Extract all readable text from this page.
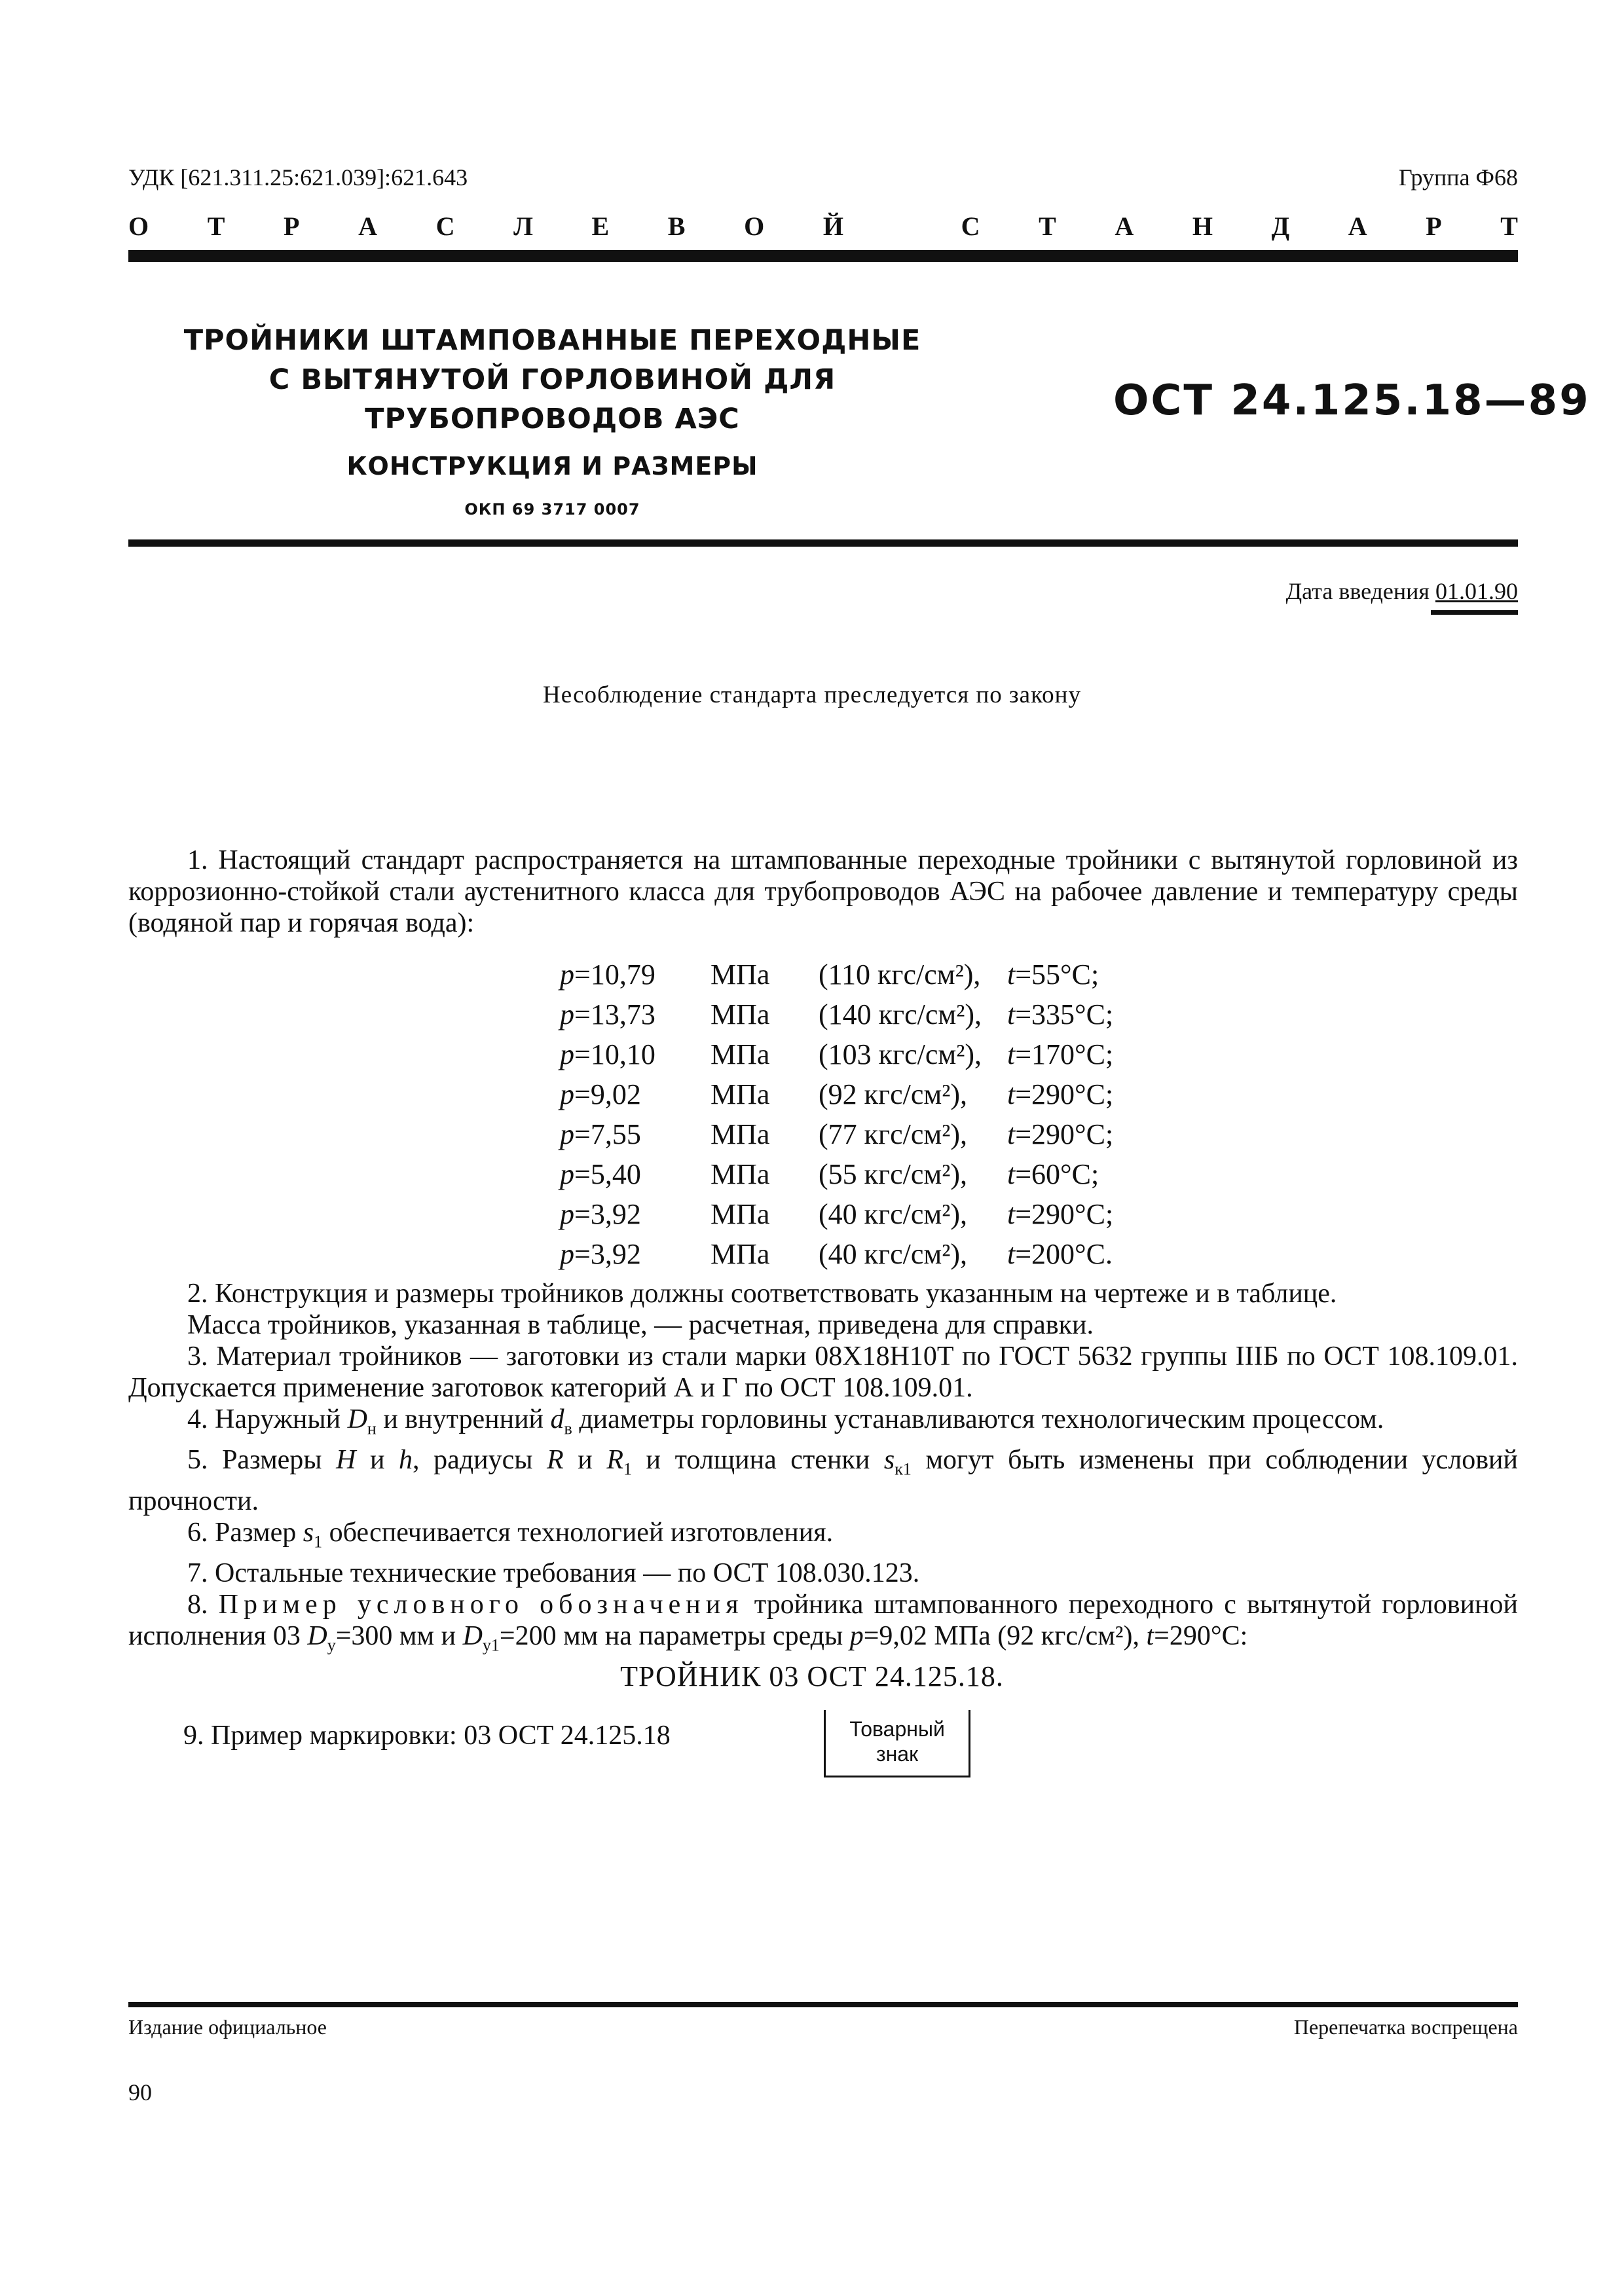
УДК [621.311.25:621.039]:621.643	Группа Ф68
О Т Р А С Л Е В О Й	С Т А Н Д А Р Т
ТРОЙНИКИ ШТАМПОВАННЫЕ ПЕРЕХОДНЫЕ
С ВЫТЯНУТОЙ ГОРЛОВИНОЙ ДЛЯ ТРУБОПРОВОДОВ АЭС
КОНСТРУКЦИЯ И РАЗМЕРЫ
ОКП 69 3717 0007
ОСТ 24.125.18—89
Дата введения 01.01.90
Несоблюдение стандарта преследуется по закону

1. Настоящий стандарт распространяется на штампованные переходные тройники с вытянутой горловиной из коррозионно-стойкой стали аустенитного класса для трубопроводов АЭС на рабочее давление и температуру среды (водяной пар и горячая вода):

p=10,79	МПа	(110 кгс/см²), t=55°С;
p=13,73	МПа	(140 кгс/см²), t=335°С;
p=10,10	МПа	(103 кгс/см²), t=170°С;
p=9,02	МПа	(92 кгс/см²),	t=290°С;
p=7,55	МПа	(77 кгс/см²),	t=290°С;
p=5,40	МПа	(55 кгс/см²),	t=60°С;
p=3,92	МПа	(40 кгс/см²),	t=290°С;
p=3,92	МПа	(40 кгс/см²),	t=200°С.

2. Конструкция и размеры тройников должны соответствовать указанным на чертеже и в таблице.

Масса тройников, указанная в таблице, — расчетная, приведена для справки.

3. Материал тройников — заготовки из стали марки 08Х18Н10Т по ГОСТ 5632 группы IIIБ по ОСТ 108.109.01. Допускается применение заготовок категорий А и Г по ОСТ 108.109.01.

4. Наружный $D_н$ и внутренний $d_в$ диаметры горловины устанавливаются технологическим процессом.

5. Размеры H и h, радиусы R и $R_1$ и толщина стенки $s_{к1}$ могут быть изменены при соблюдении условий прочности.

6. Размер $s_1$ обеспечивается технологией изготовления.

7. Остальные технические требования — по ОСТ 108.030.123.

8. Пример условного обозначения тройника штампованного переходного с вытянутой горловиной исполнения 03 $D_у=300$ мм и $D_{у1}=200$ мм на параметры среды p=9,02 МПа (92 кгс/см²), t=290°С:

ТРОЙНИК 03 ОСТ 24.125.18.
9. Пример маркировки: 03 ОСТ 24.125.18	Товарный
знак
Издание официальное	Перепечатка воспрещена
90
